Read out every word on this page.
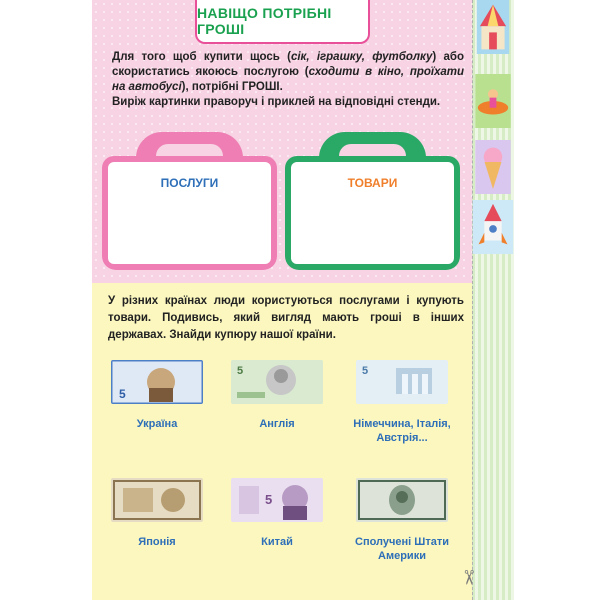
НАВІЩО ПОТРІБНІ ГРОШІ
Для того щоб купити щось (сік, іграшку, футболку) або скористатись якоюсь послугою (сходити в кіно, проїхати на автобусі), потрібні ГРОШІ.
Виріж картинки праворуч і приклей на відповідні стенди.
ПОСЛУГИ	ТОВАРИ
У різних країнах люди користуються послугами і купують товари. Подивись, який вигляд мають гроші в інших державах. Знайди купюру нашої країни.
5
Україна
5
Англія
5
Німеччина, Італія, Австрія...
Японія
5
Китай	Сполучені Штати Америки
✂
